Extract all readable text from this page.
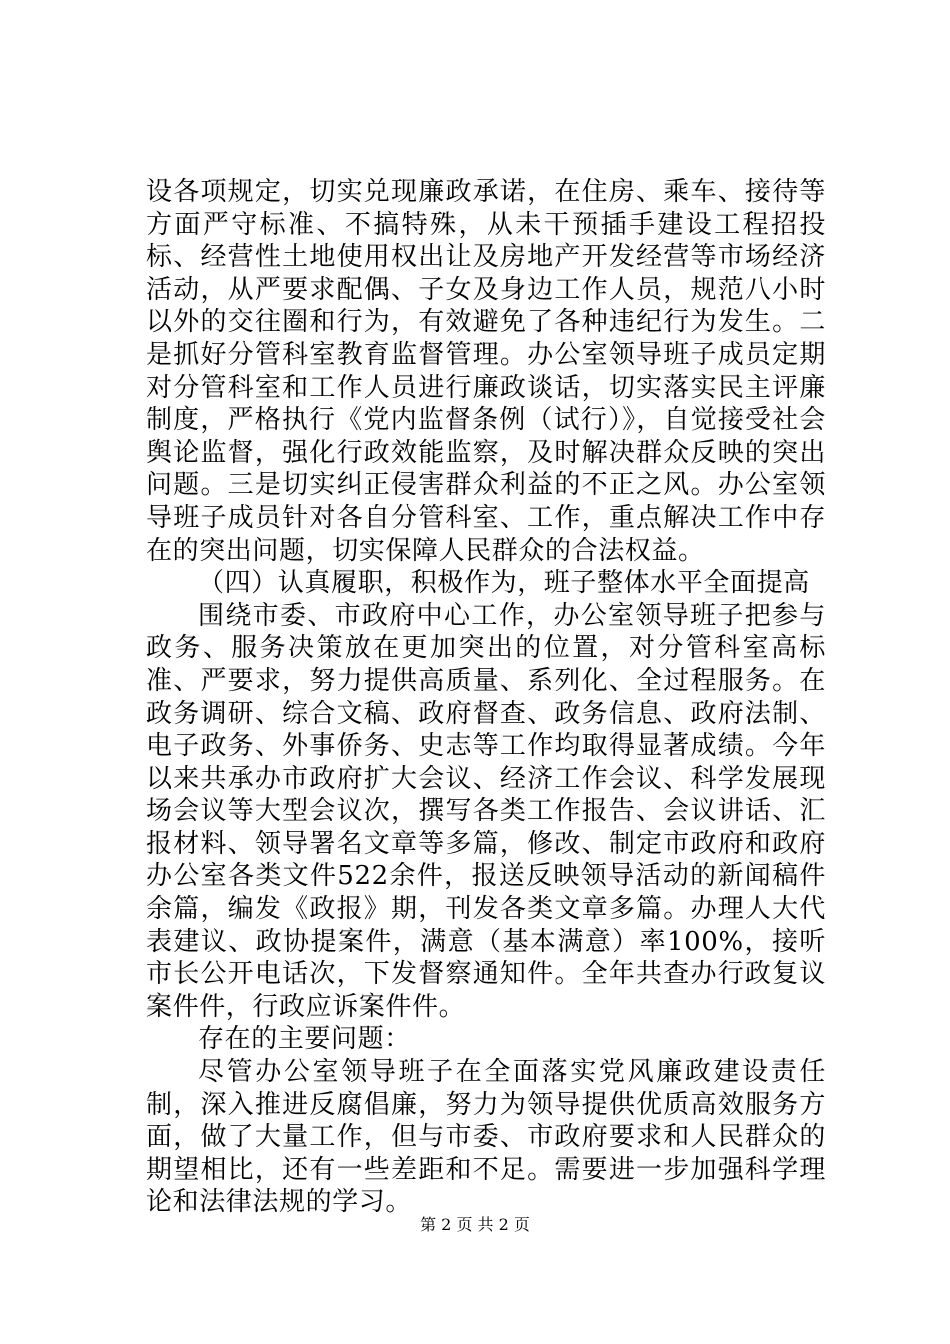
设各项规定，切实兑现廉政承诺，在住房、乘车、接待等方面严守标准、不搞特殊，从未干预插手建设工程招投标、经营性土地使用权出让及房地产开发经营等市场经济活动，从严要求配偶、子女及身边工作人员，规范八小时以外的交往圈和行为，有效避免了各种违纪行为发生。二是抓好分管科室教育监督管理。办公室领导班子成员定期对分管科室和工作人员进行廉政谈话，切实落实民主评廉制度，严格执行《党内监督条例（试行）》，自觉接受社会舆论监督，强化行政效能监察，及时解决群众反映的突出问题。三是切实纠正侵害群众利益的不正之风。办公室领导班子成员针对各自分管科室、工作，重点解决工作中存在的突出问题，切实保障人民群众的合法权益。

（四）认真履职，积极作为，班子整体水平全面提高

围绕市委、市政府中心工作，办公室领导班子把参与政务、服务决策放在更加突出的位置，对分管科室高标准、严要求，努力提供高质量、系列化、全过程服务。在政务调研、综合文稿、政府督查、政务信息、政府法制、电子政务、外事侨务、史志等工作均取得显著成绩。今年以来共承办市政府扩大会议、经济工作会议、科学发展现场会议等大型会议次，撰写各类工作报告、会议讲话、汇报材料、领导署名文章等多篇，修改、制定市政府和政府办公室各类文件522余件，报送反映领导活动的新闻稿件余篇，编发《政报》期，刊发各类文章多篇。办理人大代表建议、政协提案件，满意（基本满意）率100%，接听市长公开电话次，下发督察通知件。全年共查办行政复议案件件，行政应诉案件件。

存在的主要问题：

尽管办公室领导班子在全面落实党风廉政建设责任制，深入推进反腐倡廉，努力为领导提供优质高效服务方面，做了大量工作，但与市委、市政府要求和人民群众的期望相比，还有一些差距和不足。需要进一步加强科学理论和法律法规的学习。

第 2 页 共 2 页
